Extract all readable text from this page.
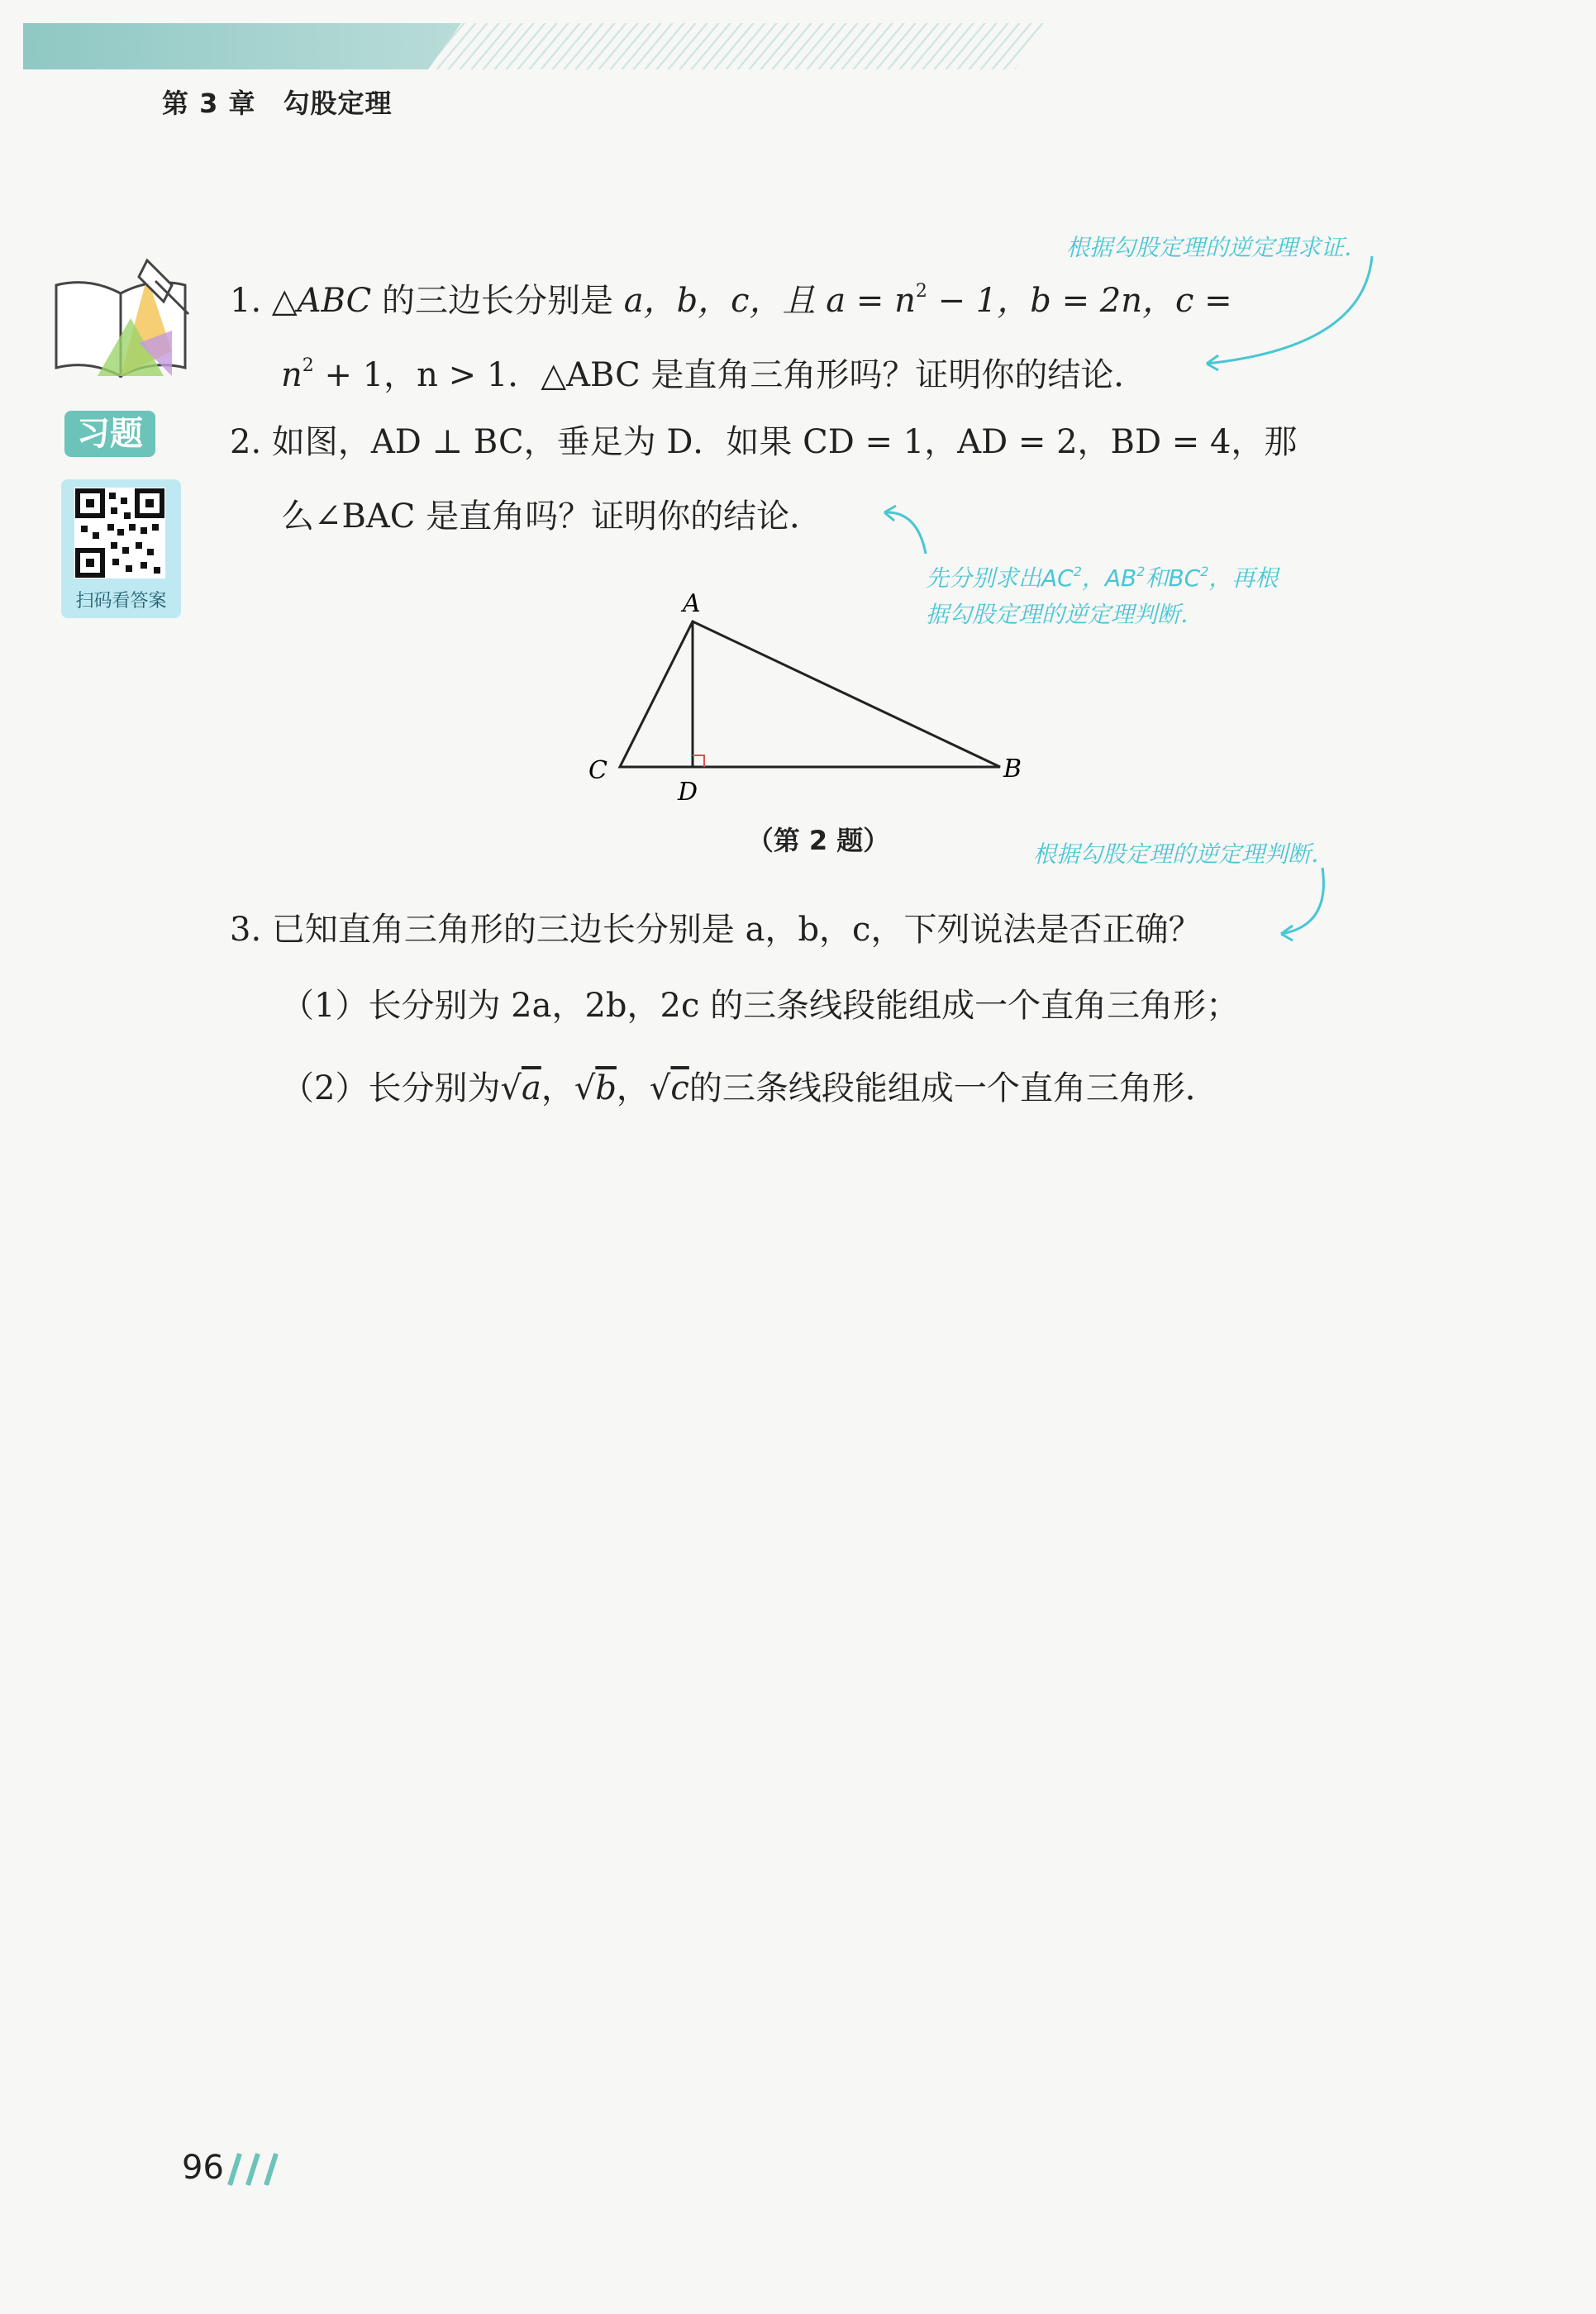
第 3 章　勾股定理
习题
扫码看答案
1. △ABC 的三边长分别是 a，b，c，且 $a = n^2 - 1$，b = 2n，c =
$n^2 + 1$，n > 1．△ABC 是直角三角形吗？证明你的结论．
根据勾股定理的逆定理求证．
2. 如图，AD ⊥ BC，垂足为 D．如果 CD = 1，AD = 2，BD = 4，那
么∠BAC 是直角吗？证明你的结论．
先分别求出$AC^2$，$AB^2$和$BC^2$，再根
据勾股定理的逆定理判断．
A
C	B
D
（第 2 题）	根据勾股定理的逆定理判断．
3. 已知直角三角形的三边长分别是 a，b，c，下列说法是否正确？
（1）长分别为 2a，2b，2c 的三条线段能组成一个直角三角形；
（2）长分别为√a，√b，√c的三条线段能组成一个直角三角形．
96
